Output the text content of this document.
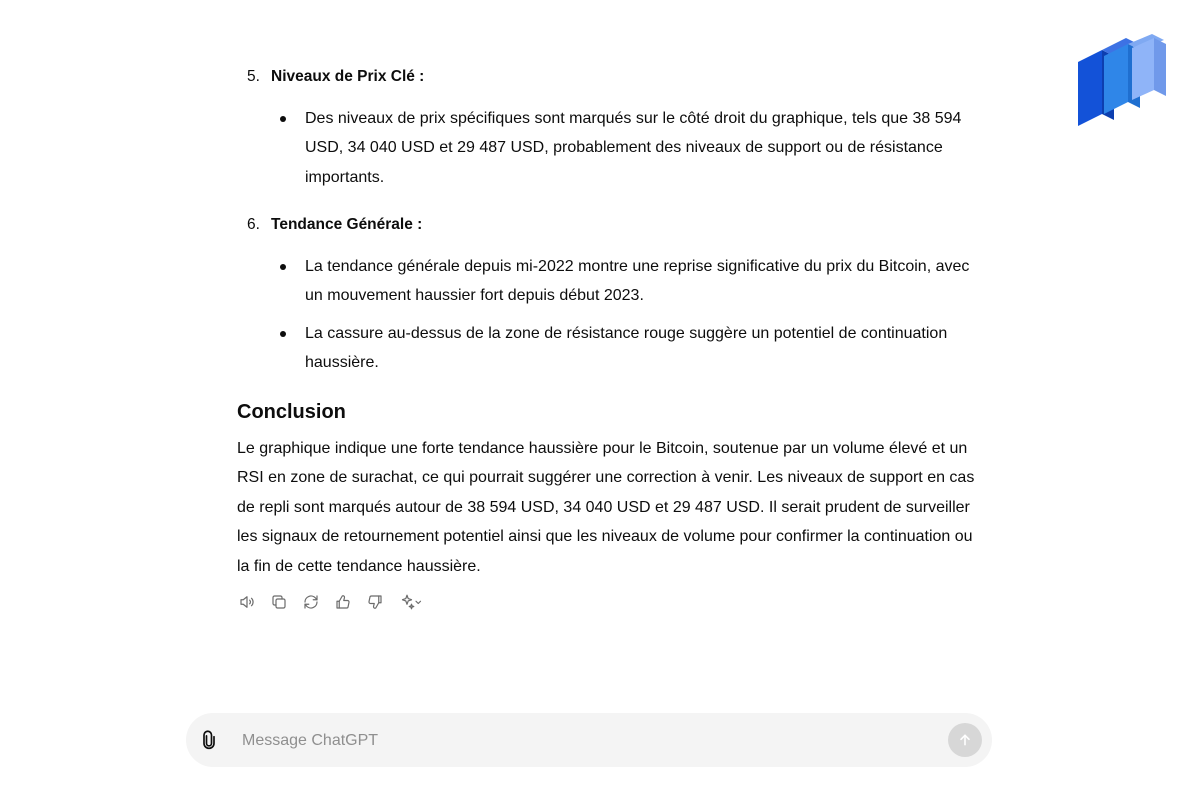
5. Niveaux de Prix Clé :
Des niveaux de prix spécifiques sont marqués sur le côté droit du graphique, tels que 38 594 USD, 34 040 USD et 29 487 USD, probablement des niveaux de support ou de résistance importants.
6. Tendance Générale :
La tendance générale depuis mi-2022 montre une reprise significative du prix du Bitcoin, avec un mouvement haussier fort depuis début 2023.
La cassure au-dessus de la zone de résistance rouge suggère un potentiel de continuation haussière.
Conclusion

Le graphique indique une forte tendance haussière pour le Bitcoin, soutenue par un volume élevé et un RSI en zone de surachat, ce qui pourrait suggérer une correction à venir. Les niveaux de support en cas de repli sont marqués autour de 38 594 USD, 34 040 USD et 29 487 USD. Il serait prudent de surveiller les signaux de retournement potentiel ainsi que les niveaux de volume pour confirmer la continuation ou la fin de cette tendance haussière.

Message ChatGPT
